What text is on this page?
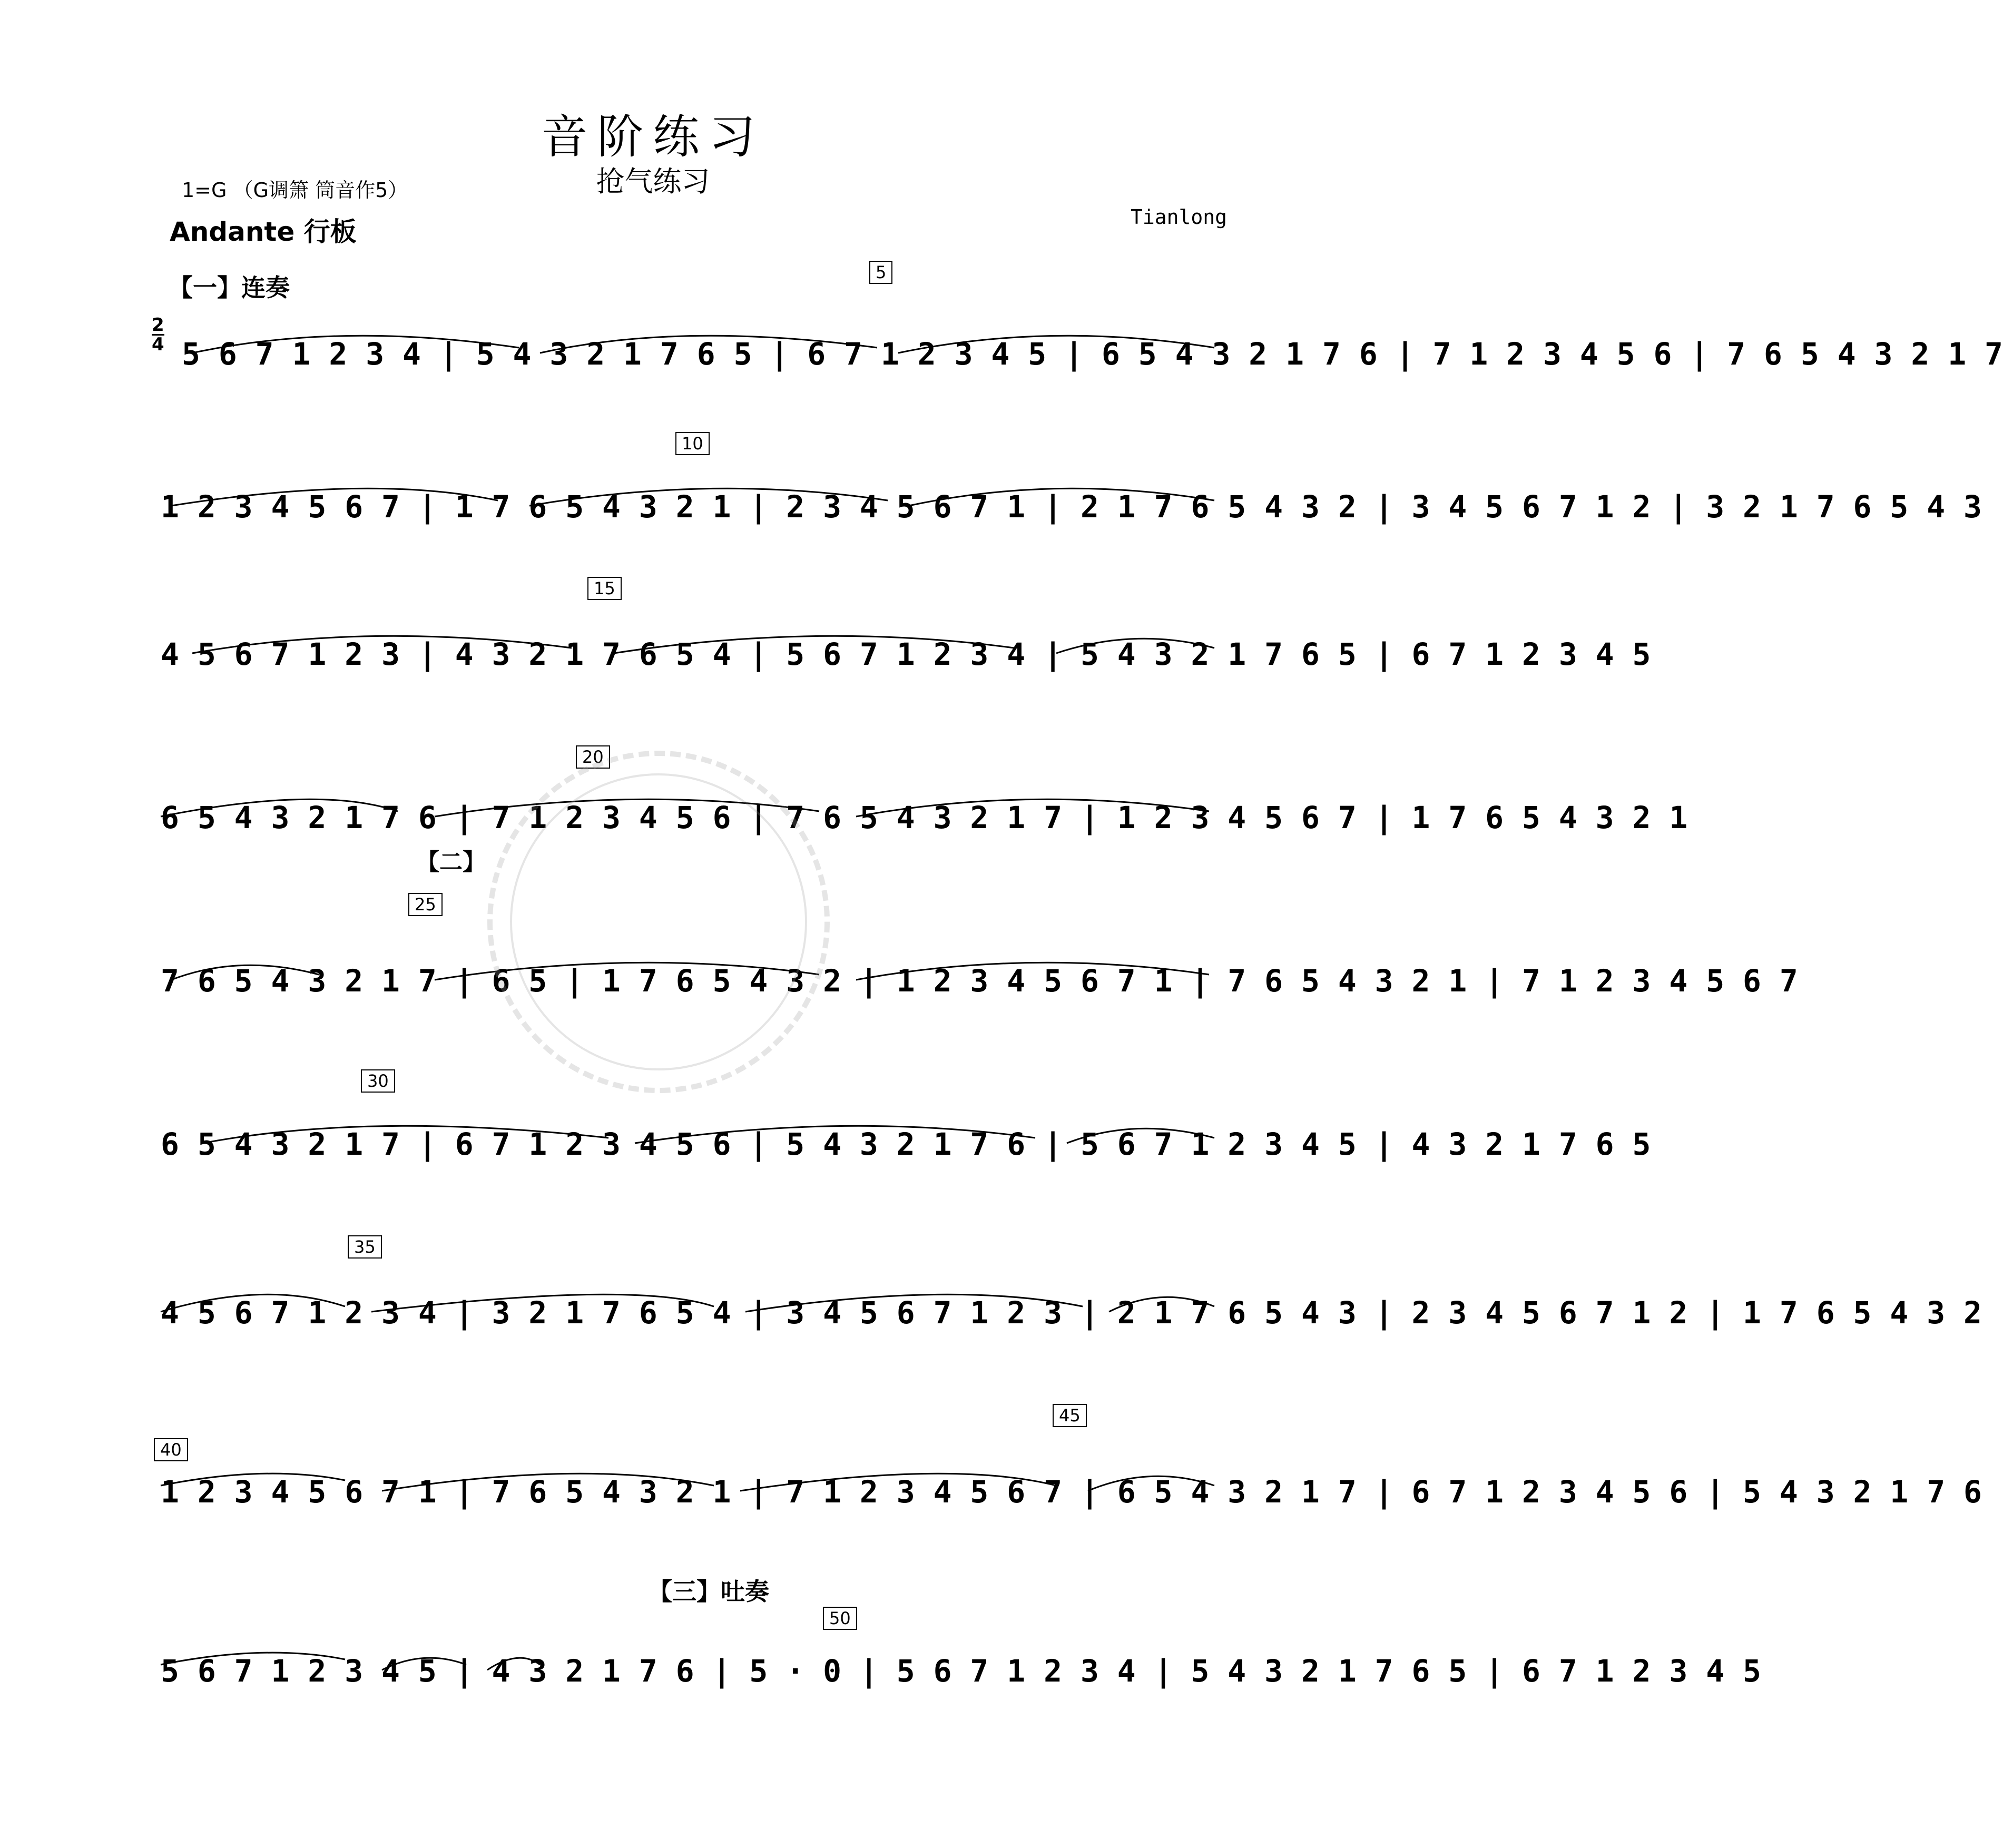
音阶练习
抢气练习
1=G （G调箫 筒音作5）
Andante 行板	Tianlong
【一】连奏
【二】
【三】吐奏
2
4
5
10
15
20
25
30
35
40
45
50
5 6 7 1 2 3 4 | 5 4 3 2 1 7 6 5 | 6 7 1 2 3 4 5 | 6 5 4 3 2 1 7 6 | 7 1 2 3 4 5 6 | 7 6 5 4 3 2 1 7
1 2 3 4 5 6 7 | 1 7 6 5 4 3 2 1 | 2 3 4 5 6 7 1 | 2 1 7 6 5 4 3 2 | 3 4 5 6 7 1 2 | 3 2 1 7 6 5 4 3
4 5 6 7 1 2 3 | 4 3 2 1 7 6 5 4 | 5 6 7 1 2 3 4 | 5 4 3 2 1 7 6 5 | 6 7 1 2 3 4 5
6 5 4 3 2 1 7 6 | 7 1 2 3 4 5 6 | 7 6 5 4 3 2 1 7 | 1 2 3 4 5 6 7 | 1 7 6 5 4 3 2 1
7 6 5 4 3 2 1 7 | 6 5 | 1 7 6 5 4 3 2 | 1 2 3 4 5 6 7 1 | 7 6 5 4 3 2 1 | 7 1 2 3 4 5 6 7
6 5 4 3 2 1 7 | 6 7 1 2 3 4 5 6 | 5 4 3 2 1 7 6 | 5 6 7 1 2 3 4 5 | 4 3 2 1 7 6 5
4 5 6 7 1 2 3 4 | 3 2 1 7 6 5 4 | 3 4 5 6 7 1 2 3 | 2 1 7 6 5 4 3 | 2 3 4 5 6 7 1 2 | 1 7 6 5 4 3 2
1 2 3 4 5 6 7 1 | 7 6 5 4 3 2 1 | 7 1 2 3 4 5 6 7 | 6 5 4 3 2 1 7 | 6 7 1 2 3 4 5 6 | 5 4 3 2 1 7 6
5 6 7 1 2 3 4 5 | 4 3 2 1 7 6 | 5 · 0 | 5 6 7 1 2 3 4 | 5 4 3 2 1 7 6 5 | 6 7 1 2 3 4 5
